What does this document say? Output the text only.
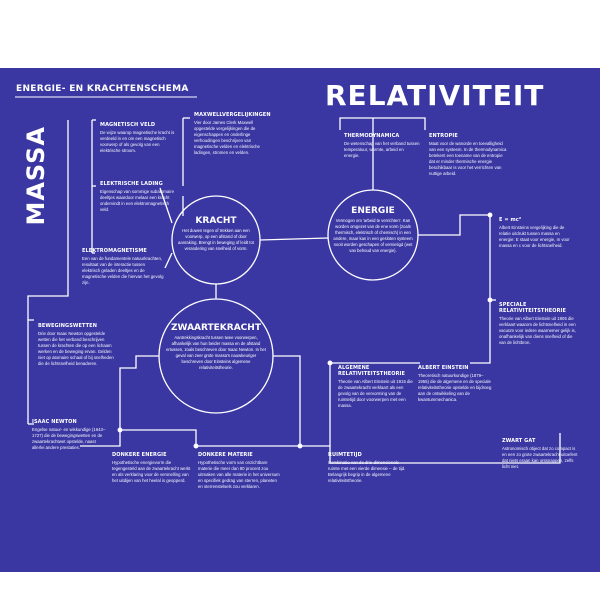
ENERGIE- EN KRACHTENSCHEMA	RELATIVITEIT
MASSA	KRACHT
Het duwen tegen of trekken aan een voorwerp, op een afstand of door aanraking. Brengt in beweging of leidt tot verandering van snelheid of vorm.
ENERGIE
Vermogen om 'arbeid te verrichten'. Kan worden omgezet van de ene vorm (zoals thermisch, elektrisch of chemisch) in een andere, maar kan in een gesloten systeem nooit worden geschapen of vernietigd (wet van behoud van energie).
ZWAARTEKRACHT
Aantrekkingskracht tussen twee voorwerpen, afhankelijk van hun beider massa en de afstand ertussen, zoals beschreven door Isaac Newton. In het geval van zeer grote massa's nauwkeuriger beschreven door Einsteins algemene relativiteitstheorie.
MAGNETISCH VELD
De wijze waarop magnetische kracht is verdeeld in en om een magnetisch voorwerp of als gevolg van een elektrische stroom.
MAXWELLVERGELIJKINGEN
Vier door James Clerk Maxwell opgestelde vergelijkingen die de eigenschappen en onderlinge verhoudingen beschrijven van magnetische velden en elektrische ladingen, stromen en velden.
ELEKTRISCHE LADING
Eigenschap van sommige subatomaire deeltjes waardoor melaar een kracht ondervindt in een elektromagnetisch veld.
ELEKTROMAGNETISME
Een van de fundamentele natuurkrachten, resultaat van de interactie tussen elektrisch geladen deeltjes en de magnetische velden die hiervan het gevolg zijn.
THERMODYNAMICA
De wetenschap van het verband tussen temperatuur, warmte, arbeid en energie.
ENTROPIE
Maat voor de wanorde en toevalligheid van een systeem. In de thermodynamica betekent een toename van de entropie dat er minder thermische energie beschikbaar is voor het verrichten van nuttige arbeid.
E = mc²
Albert Einsteins vergelijking die de relatie uitdrukt tussen massa en energie: E staat voor energie, m voor massa en c voor de lichtsnelheid.
BEWEGINGSWETTEN
Drie door Isaac Newton opgestelde wetten die het verband beschrijven tussen de krachten die op een lichaam werken en de beweging ervan. Gelden niet op atomaire schaal of bij snelheden die de lichtsnelheid benaderen.
SPECIALE RELATIVITEITSTHEORIE
Theorie van Albert Einstein uit 1905 die verklaart waarom de lichtsnelheid in een vacuüm voor iedere waarnemer gelijk is, onafhankelijk van diens snelheid of die van de lichtbron.
ALGEMENE RELATIVITEITSTHEORIE
Theorie van Albert Einstein uit 1915 die de zwaartekracht verklaart als een gevolg van de vervorming van de ruimtetijd door voorwerpen met een massa.
ALBERT EINSTEIN
Theoretisch natuurkundige (1879–1955) die de algemene en de speciale relativiteitstheorie opstelde en bijdroeg aan de ontwikkeling van de kwantummechanica.
ISAAC NEWTON
Engelse natuur- en wiskundige (1643–1727) die de bewegingswetten en de zwaartekrachtwet opstelde, naast allerlei andere prestaties.
DONKERE ENERGIE
Hypothetische energievorm die tegengesteld aan de zwaartekracht werkt en als verklaring voor de versnelling van het uitdijen van het heelal is geopperd.
DONKERE MATERIE
Hypothetische vorm van onzichtbare materie die meer dan 80 procent zou uitmaken van alle materie in het universum en specifiek gedrag van sterren, planeten en sterrenstelsels zou verklaren.
RUIMTETIJD
Combinatie van de drie-dimensionale ruimte met een vierde dimensie – de tijd. Belangrijk begrip in de algemene relativiteitstheorie.
ZWART GAT
Astronomisch object dat zo compact is en een zo grote zwaartekracht uitoefent dat niets eraan kan ontsnappen, zelfs licht niet.
